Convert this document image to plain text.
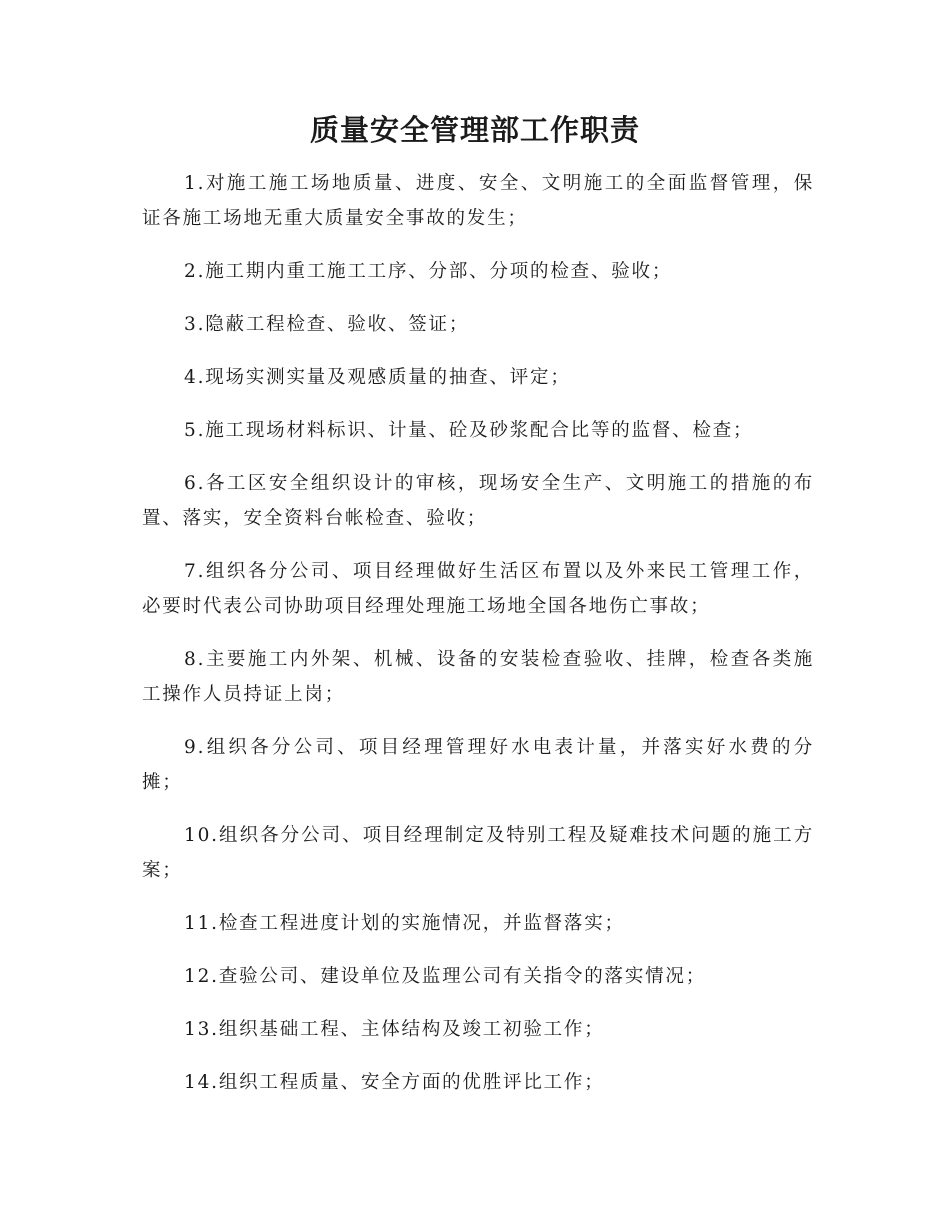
质量安全管理部工作职责

1.对施工施工场地质量、进度、安全、文明施工的全面监督管理，保证各施工场地无重大质量安全事故的发生；

2.施工期内重工施工工序、分部、分项的检查、验收；

3.隐蔽工程检查、验收、签证；

4.现场实测实量及观感质量的抽查、评定；

5.施工现场材料标识、计量、砼及砂浆配合比等的监督、检查；

6.各工区安全组织设计的审核，现场安全生产、文明施工的措施的布置、落实，安全资料台帐检查、验收；

7.组织各分公司、项目经理做好生活区布置以及外来民工管理工作，必要时代表公司协助项目经理处理施工场地全国各地伤亡事故；

8.主要施工内外架、机械、设备的安装检查验收、挂牌，检查各类施工操作人员持证上岗；

9.组织各分公司、项目经理管理好水电表计量，并落实好水费的分摊；

10.组织各分公司、项目经理制定及特别工程及疑难技术问题的施工方案；

11.检查工程进度计划的实施情况，并监督落实；

12.查验公司、建设单位及监理公司有关指令的落实情况；

13.组织基础工程、主体结构及竣工初验工作；

14.组织工程质量、安全方面的优胜评比工作；
